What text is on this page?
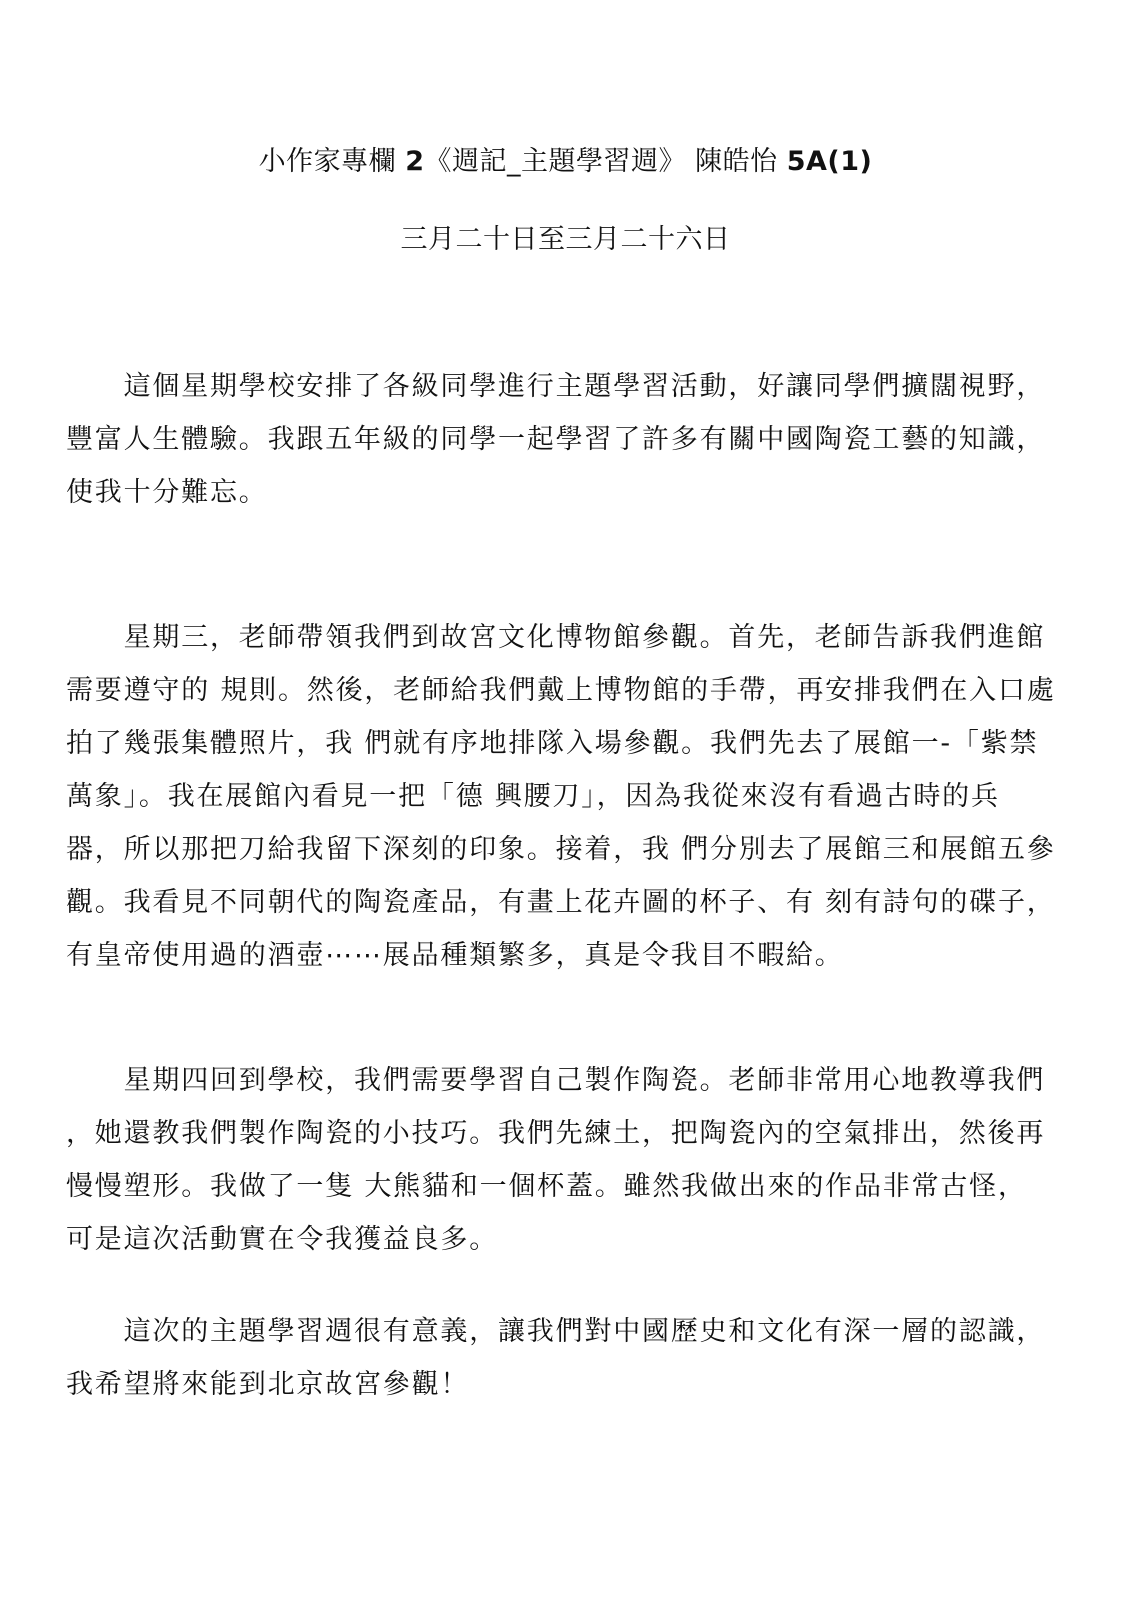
小作家專欄 2《週記_主題學習週》 陳皓怡 5A(1)
三月二十日至三月二十六日

　　這個星期學校安排了各級同學進行主題學習活動，好讓同學們擴闊視野，
豐富人生體驗。我跟五年級的同學一起學習了許多有關中國陶瓷工藝的知識，
使我十分難忘。

　　星期三，老師帶領我們到故宮文化博物館參觀。首先，老師告訴我們進館
需要遵守的 規則。然後，老師給我們戴上博物館的手帶，再安排我們在入口處
拍了幾張集體照片，我 們就有序地排隊入場參觀。我們先去了展館一-「紫禁
萬象」。我在展館內看見一把「德 興腰刀」，因為我從來沒有看過古時的兵
器，所以那把刀給我留下深刻的印象。接着，我 們分別去了展館三和展館五參
觀。我看見不同朝代的陶瓷產品，有畫上花卉圖的杯子、有 刻有詩句的碟子，
有皇帝使用過的酒壺⋯⋯展品種類繁多，真是令我目不暇給。

　　星期四回到學校，我們需要學習自己製作陶瓷。老師非常用心地教導我們
，她還教我們製作陶瓷的小技巧。我們先練土，把陶瓷內的空氣排出，然後再
慢慢塑形。我做了一隻 大熊貓和一個杯蓋。雖然我做出來的作品非常古怪，
可是這次活動實在令我獲益良多。

　　這次的主題學習週很有意義，讓我們對中國歷史和文化有深一層的認識，
我希望將來能到北京故宮參觀！
